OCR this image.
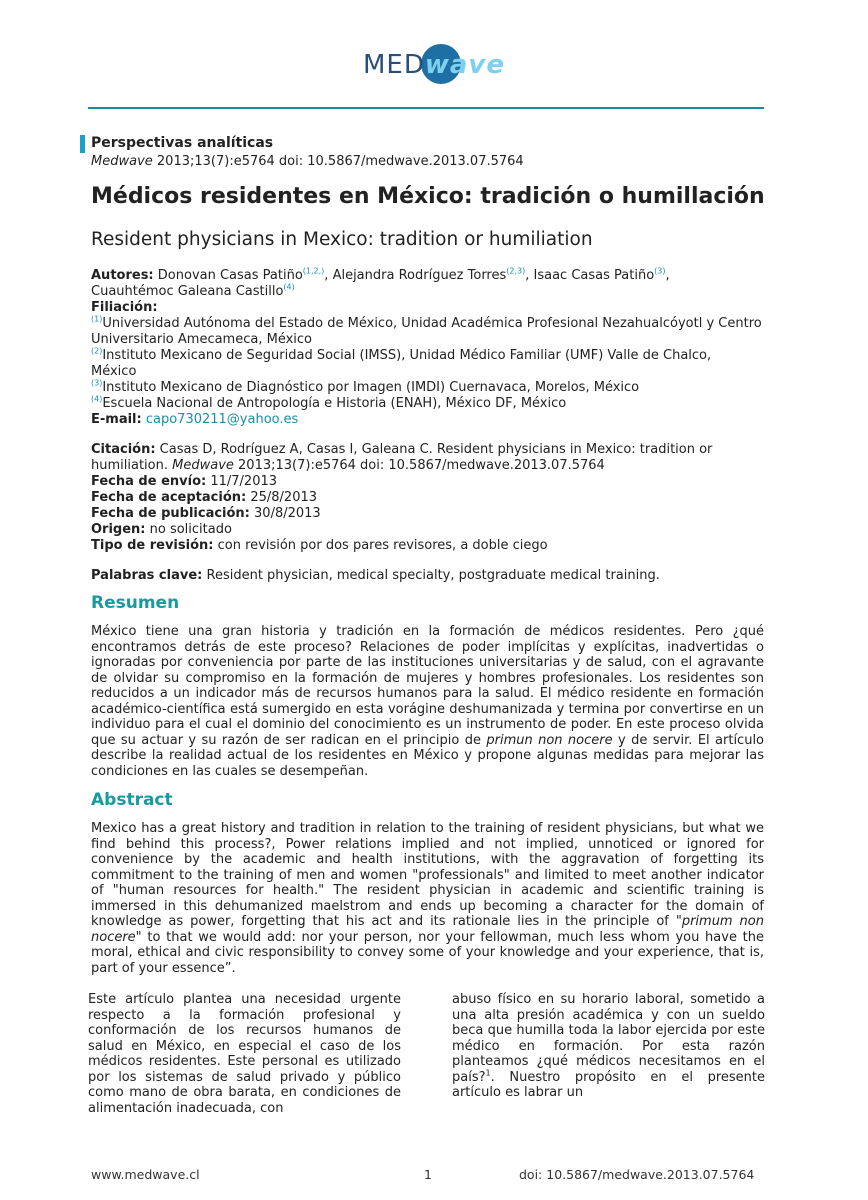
MED
wave
Perspectivas analíticas
Medwave 2013;13(7):e5764 doi: 10.5867/medwave.2013.07.5764
Médicos residentes en México: tradición o humillación
Resident physicians in Mexico: tradition or humiliation
Autores: Donovan Casas Patiño$^{(1,2,)}$, Alejandra Rodríguez Torres$^{(2,3)}$, Isaac Casas Patiño$^{(3)}$,
Cuauhtémoc Galeana Castillo$^{(4)}$
Filiación:
$^{(1)}$Universidad Autónoma del Estado de México, Unidad Académica Profesional Nezahualcóyotl y Centro
Universitario Amecameca, México
$^{(2)}$Instituto Mexicano de Seguridad Social (IMSS), Unidad Médico Familiar (UMF) Valle de Chalco,
México
$^{(3)}$Instituto Mexicano de Diagnóstico por Imagen (IMDI) Cuernavaca, Morelos, México
$^{(4)}$Escuela Nacional de Antropología e Historia (ENAH), México DF, México
E-mail: capo730211@yahoo.es
Citación: Casas D, Rodríguez A, Casas I, Galeana C. Resident physicians in Mexico: tradition or
humiliation. Medwave 2013;13(7):e5764 doi: 10.5867/medwave.2013.07.5764
Fecha de envío: 11/7/2013
Fecha de aceptación: 25/8/2013
Fecha de publicación: 30/8/2013
Origen: no solicitado
Tipo de revisión: con revisión por dos pares revisores, a doble ciego
Palabras clave: Resident physician, medical specialty, postgraduate medical training.
Resumen
México tiene una gran historia y tradición en la formación de médicos residentes. Pero ¿qué encontramos detrás de este proceso? Relaciones de poder implícitas y explícitas, inadvertidas o ignoradas por conveniencia por parte de las instituciones universitarias y de salud, con el agravante de olvidar su compromiso en la formación de mujeres y hombres profesionales. Los residentes son reducidos a un indicador más de recursos humanos para la salud. El médico residente en formación académico-científica está sumergido en esta vorágine deshumanizada y termina por convertirse en un individuo para el cual el dominio del conocimiento es un instrumento de poder. En este proceso olvida que su actuar y su razón de ser radican en el principio de primun non nocere y de servir. El artículo describe la realidad actual de los residentes en México y propone algunas medidas para mejorar las condiciones en las cuales se desempeñan.
Abstract
Mexico has a great history and tradition in relation to the training of resident physicians, but what we find behind this process?, Power relations implied and not implied, unnoticed or ignored for convenience by the academic and health institutions, with the aggravation of forgetting its commitment to the training of men and women "professionals" and limited to meet another indicator of "human resources for health." The resident physician in academic and scientific training is immersed in this dehumanized maelstrom and ends up becoming a character for the domain of knowledge as power, forgetting that his act and its rationale lies in the principle of "primum non nocere" to that we would add: nor your person, nor your fellowman, much less whom you have the moral, ethical and civic responsibility to convey some of your knowledge and your experience, that is, part of your essence”.
Este artículo plantea una necesidad urgente respecto a la formación profesional y conformación de los recursos humanos de salud en México, en especial el caso de los médicos residentes. Este personal es utilizado por los sistemas de salud privado y público como mano de obra barata, en condiciones de alimentación inadecuada, con
abuso físico en su horario laboral, sometido a una alta presión académica y con un sueldo beca que humilla toda la labor ejercida por este médico en formación. Por esta razón planteamos ¿qué médicos necesitamos en el país?$^1$. Nuestro propósito en el presente artículo es labrar un
www.medwave.cl	1	doi: 10.5867/medwave.2013.07.5764
